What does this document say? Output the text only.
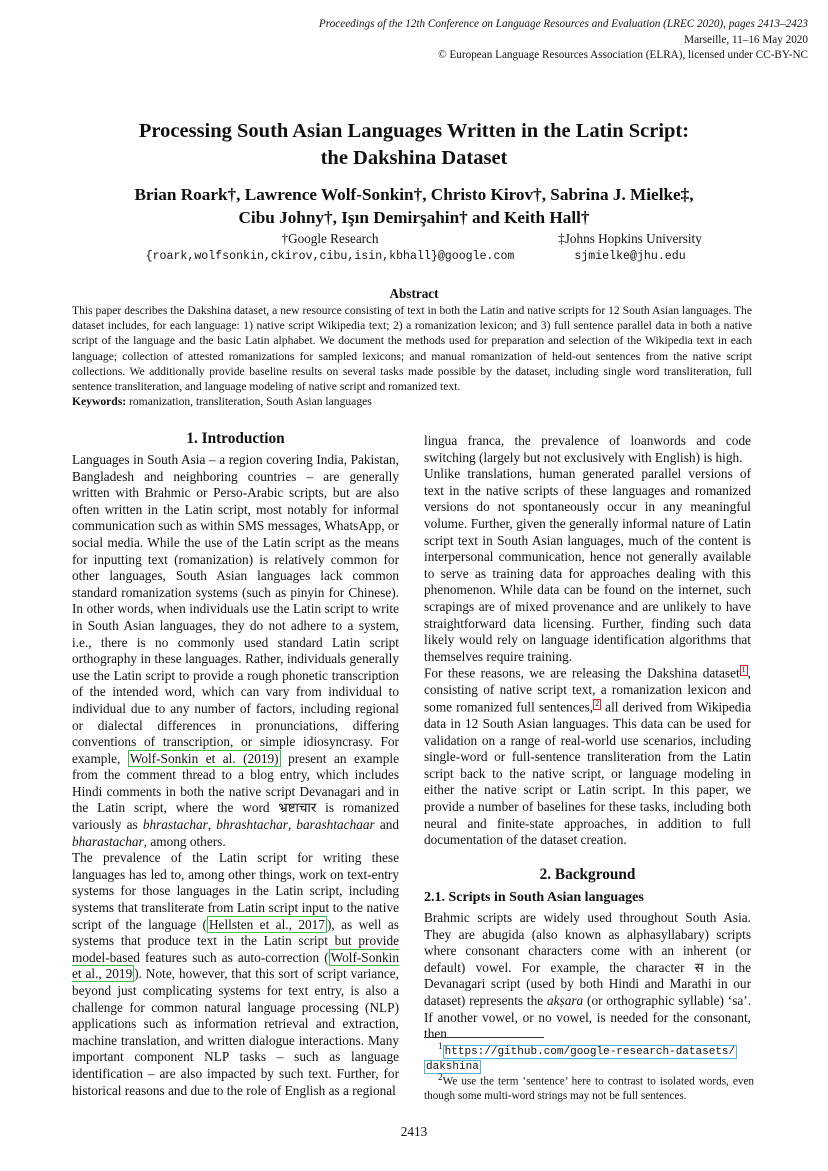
Proceedings of the 12th Conference on Language Resources and Evaluation (LREC 2020), pages 2413–2423
Marseille, 11–16 May 2020
© European Language Resources Association (ELRA), licensed under CC-BY-NC
Processing South Asian Languages Written in the Latin Script:
the Dakshina Dataset
Brian Roark†, Lawrence Wolf-Sonkin†, Christo Kirov†, Sabrina J. Mielke‡,
Cibu Johny†, Işın Demirşahin† and Keith Hall†
†Google Research
{roark,wolfsonkin,ckirov,cibu,isin,kbhall}@google.com
‡Johns Hopkins University
sjmielke@jhu.edu
Abstract
This paper describes the Dakshina dataset, a new resource consisting of text in both the Latin and native scripts for 12 South Asian languages. The dataset includes, for each language: 1) native script Wikipedia text; 2) a romanization lexicon; and 3) full sentence parallel data in both a native script of the language and the basic Latin alphabet. We document the methods used for preparation and selection of the Wikipedia text in each language; collection of attested romanizations for sampled lexicons; and manual romanization of held-out sentences from the native script collections. We additionally provide baseline results on several tasks made possible by the dataset, including single word transliteration, full sentence transliteration, and language modeling of native script and romanized text.
Keywords: romanization, transliteration, South Asian languages
1. Introduction

Languages in South Asia – a region covering India, Pakistan, Bangladesh and neighboring countries – are generally written with Brahmic or Perso-Arabic scripts, but are also often written in the Latin script, most notably for informal communication such as within SMS messages, WhatsApp, or social media. While the use of the Latin script as the means for inputting text (romanization) is relatively common for other languages, South Asian languages lack common standard romanization systems (such as pinyin for Chinese). In other words, when individuals use the Latin script to write in South Asian languages, they do not adhere to a system, i.e., there is no commonly used standard Latin script orthography in these languages. Rather, individuals generally use the Latin script to provide a rough phonetic transcription of the intended word, which can vary from individual to individual due to any number of factors, including regional or dialectal differences in pronunciations, differing conventions of transcription, or simple idiosyncrasy. For example, Wolf-Sonkin et al. (2019) present an example from the comment thread to a blog entry, which includes Hindi comments in both the native script Devanagari and in the Latin script, where the word भ्रष्टाचार is romanized variously as bhrastachar, bhrashtachar, barashtachaar and bharastachar, among others.

The prevalence of the Latin script for writing these languages has led to, among other things, work on text-entry systems for those languages in the Latin script, including systems that transliterate from Latin script input to the native script of the language ( Hellsten et al., 2017 ), as well as systems that produce text in the Latin script but provide model-based features such as auto-correction ( Wolf-Sonkin et al., 2019 ). Note, however, that this sort of script variance, beyond just complicating systems for text entry, is also a challenge for common natural language processing (NLP) applications such as information retrieval and extraction, machine translation, and written dialogue interactions. Many important component NLP tasks – such as language identification – are also impacted by such text. Further, for historical reasons and due to the role of English as a regional

lingua franca, the prevalence of loanwords and code switching (largely but not exclusively with English) is high.

Unlike translations, human generated parallel versions of text in the native scripts of these languages and romanized versions do not spontaneously occur in any meaningful volume. Further, given the generally informal nature of Latin script text in South Asian languages, much of the content is interpersonal communication, hence not generally available to serve as training data for approaches dealing with this phenomenon. While data can be found on the internet, such scrapings are of mixed provenance and are unlikely to have straightforward data licensing. Further, finding such data likely would rely on language identification algorithms that themselves require training.

For these reasons, we are releasing the Dakshina dataset 1 , consisting of native script text, a romanization lexicon and some romanized full sentences, 2 all derived from Wikipedia data in 12 South Asian languages. This data can be used for validation on a range of real-world use scenarios, including single-word or full-sentence transliteration from the Latin script back to the native script, or language modeling in either the native script or Latin script. In this paper, we provide a number of baselines for these tasks, including both neural and finite-state approaches, in addition to full documentation of the dataset creation.

2. Background
2.1. Scripts in South Asian languages

Brahmic scripts are widely used throughout South Asia. They are abugida (also known as alphasyllabary) scripts where consonant characters come with an inherent (or default) vowel. For example, the character स in the Devanagari script (used by both Hindi and Marathi in our dataset) represents the akṣara (or orthographic syllable) ‘sa’. If another vowel, or no vowel, is needed for the consonant, then

$^1$ https://github.com/google-research-datasets/
dakshina
$^2$We use the term ‘sentence’ here to contrast to isolated words, even though some multi-word strings may not be full sentences.
2413
